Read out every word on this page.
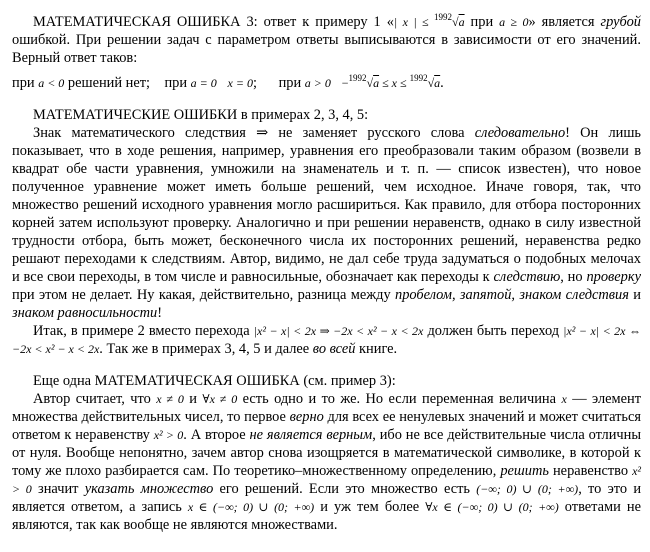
МАТЕМАТИЧЕСКАЯ ОШИБКА 3: ответ к примеру 1 «| x | ≤ $^{1992}$√a при a ≥ 0» является грубой ошибкой. При решении задач с параметром ответы выписываются в зависимости от его значений. Верный ответ таков:

при a < 0 решений нет; при a = 0 x = 0; при a > 0 −$^{1992}$√a ≤ x ≤ $^{1992}$√a.

МАТЕМАТИЧЕСКИЕ ОШИБКИ в примерах 2, 3, 4, 5:

Знак математического следствия ⇒ не заменяет русского слова следовательно! Он лишь показывает, что в ходе решения, например, уравнения его преобразовали таким образом (возвели в квадрат обе части уравнения, умножили на знаменатель и т. п. — список известен), что новое полученное уравнение может иметь больше решений, чем исходное. Иначе говоря, так, что множество решений исходного уравнения могло расшириться. Как правило, для отбора посторонних корней затем используют проверку. Аналогично и при решении неравенств, однако в силу известной трудности отбора, быть может, бесконечного числа их посторонних решений, неравенства редко решают переходами к следствиям. Автор, видимо, не дал себе труда задуматься о подобных мелочах и все свои переходы, в том числе и равносильные, обозначает как переходы к следствию, но проверку при этом не делает. Ну какая, действительно, разница между пробелом, запятой, знаком следствия и знаком равносильности!

Итак, в примере 2 вместо перехода |x² − x| < 2x ⇒ −2x < x² − x < 2x должен быть переход |x² − x| < 2x ⇔ −2x < x² − x < 2x. Так же в примерах 3, 4, 5 и далее во всей книге.

Еще одна МАТЕМАТИЧЕСКАЯ ОШИБКА (см. пример 3):

Автор считает, что x ≠ 0 и ∀x ≠ 0 есть одно и то же. Но если переменная величина x — элемент множества действительных чисел, то первое верно для всех ее ненулевых значений и может считаться ответом к неравенству x² > 0. А второе не является верным, ибо не все действительные числа отличны от нуля. Вообще непонятно, зачем автор снова изощряется в математической символике, в которой к тому же плохо разбирается сам. По теоретико–множественному определению, решить неравенство x² > 0 значит указать множество его решений. Если это множество есть (−∞; 0) ∪ (0; +∞), то это и является ответом, а запись x ∈ (−∞; 0) ∪ (0; +∞) и уж тем более ∀x ∈ (−∞; 0) ∪ (0; +∞) ответами не являются, так как вообще не являются множествами.
